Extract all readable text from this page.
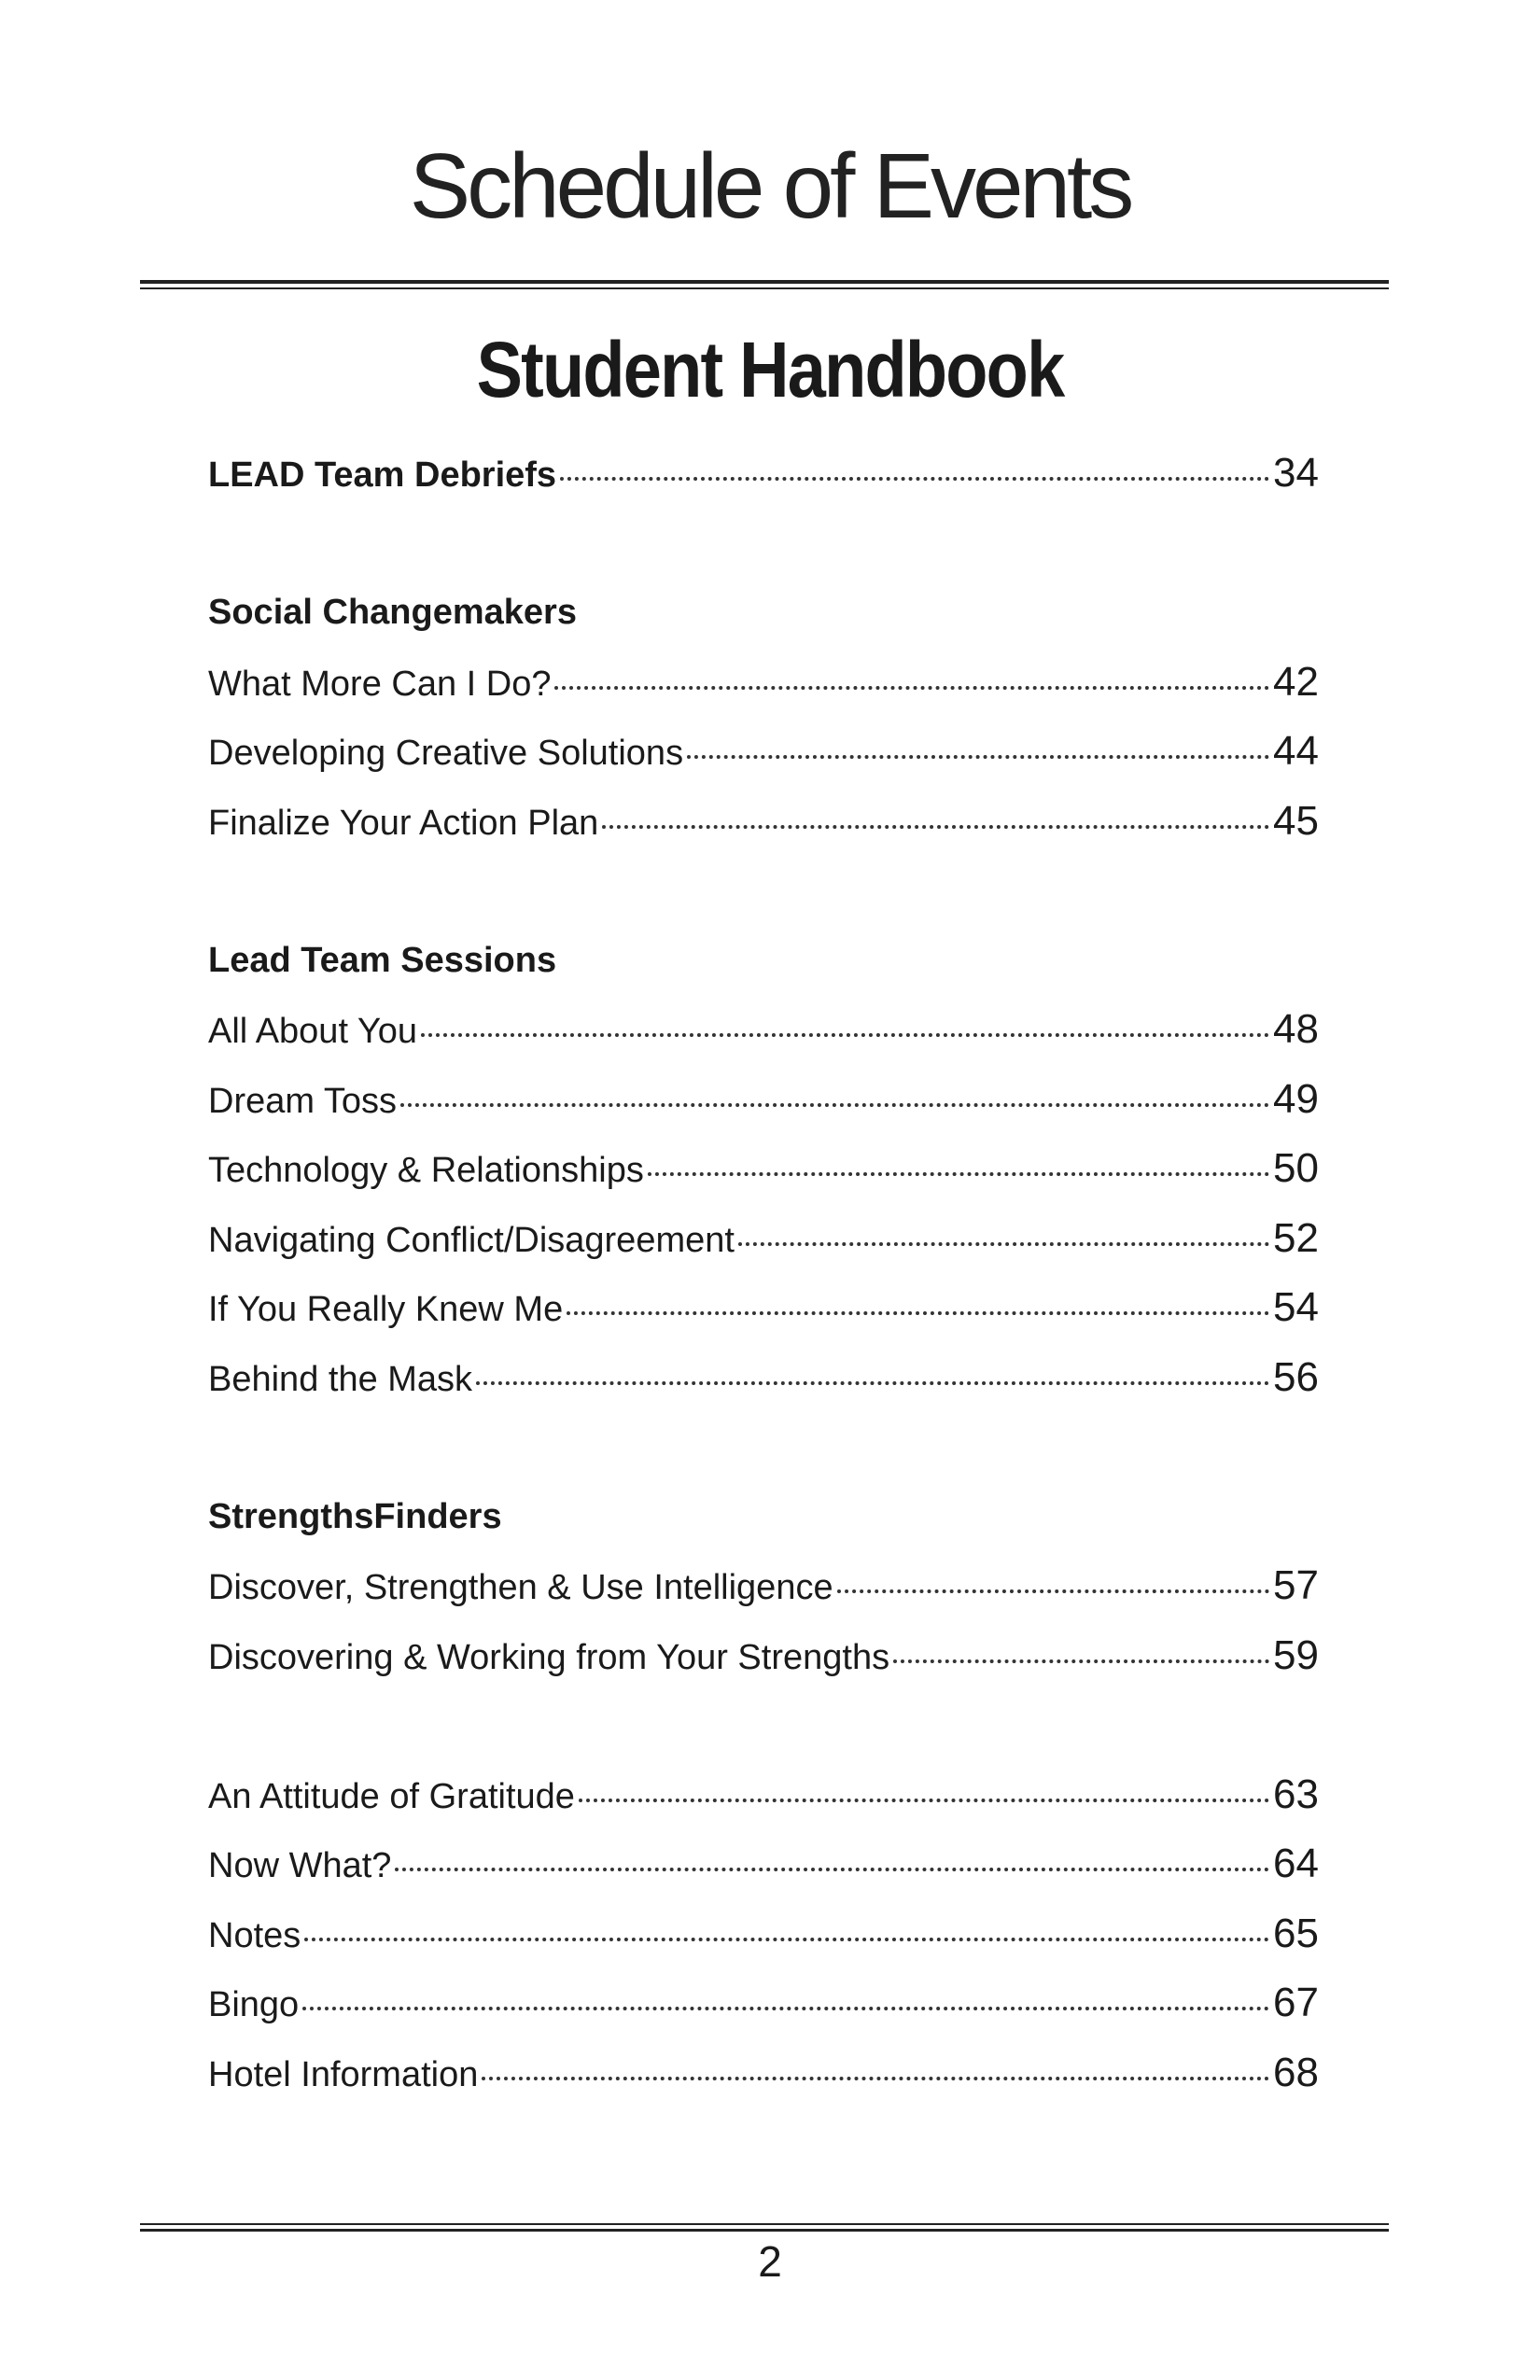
Schedule of Events
Student Handbook
LEAD Team Debriefs	34
Social Changemakers
What More Can I Do?	42
Developing Creative Solutions	44
Finalize Your Action Plan	45
Lead Team Sessions
All About You	48
Dream Toss	49
Technology & Relationships	50
Navigating Conflict/Disagreement	52
If You Really Knew Me	54
Behind the Mask	56
StrengthsFinders
Discover, Strengthen & Use Intelligence	57
Discovering & Working from Your Strengths	59
An Attitude of Gratitude	63
Now What?	64
Notes	65
Bingo	67
Hotel Information	68
2
